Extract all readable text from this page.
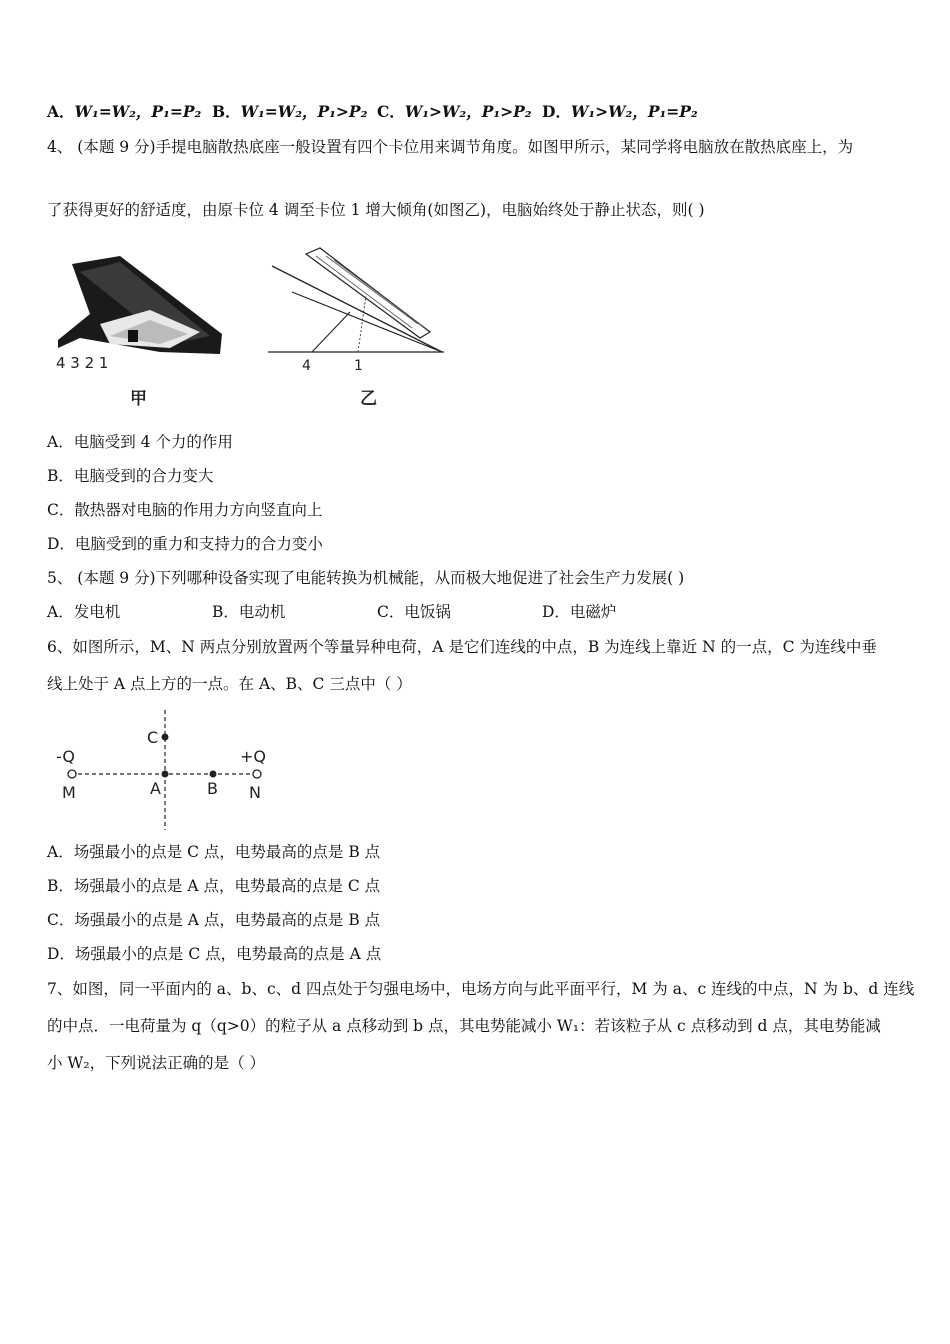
A．W₁=W₂，P₁=P₂ B．W₁=W₂，P₁>P₂ C．W₁>W₂，P₁>P₂ D．W₁>W₂，P₁=P₂
4、 (本题 9 分)手提电脑散热底座一般设置有四个卡位用来调节角度。如图甲所示，某同学将电脑放在散热底座上，为
了获得更好的舒适度，由原卡位 4 调至卡位 1 增大倾角(如图乙)，电脑始终处于静止状态，则( )
4 3 2 1
甲
4	1
乙
A．电脑受到 4 个力的作用
B．电脑受到的合力变大
C．散热器对电脑的作用力方向竖直向上
D．电脑受到的重力和支持力的合力变小
5、 (本题 9 分)下列哪种设备实现了电能转换为机械能，从而极大地促进了社会生产力发展( )
A．发电机	B．电动机	C．电饭锅	D．电磁炉
6、如图所示，M、N 两点分别放置两个等量异种电荷，A 是它们连线的中点，B 为连线上靠近 N 的一点，C 为连线中垂
线上处于 A 点上方的一点。在 A、B、C 三点中（ ）
-Q	+Q
M	A	B N
C
A．场强最小的点是 C 点，电势最高的点是 B 点
B．场强最小的点是 A 点，电势最高的点是 C 点
C．场强最小的点是 A 点，电势最高的点是 B 点
D．场强最小的点是 C 点，电势最高的点是 A 点
7、如图，同一平面内的 a、b、c、d 四点处于匀强电场中，电场方向与此平面平行，M 为 a、c 连线的中点，N 为 b、d 连线
的中点．一电荷量为 q（q>0）的粒子从 a 点移动到 b 点，其电势能减小 W₁：若该粒子从 c 点移动到 d 点，其电势能减
小 W₂，下列说法正确的是（ ）
